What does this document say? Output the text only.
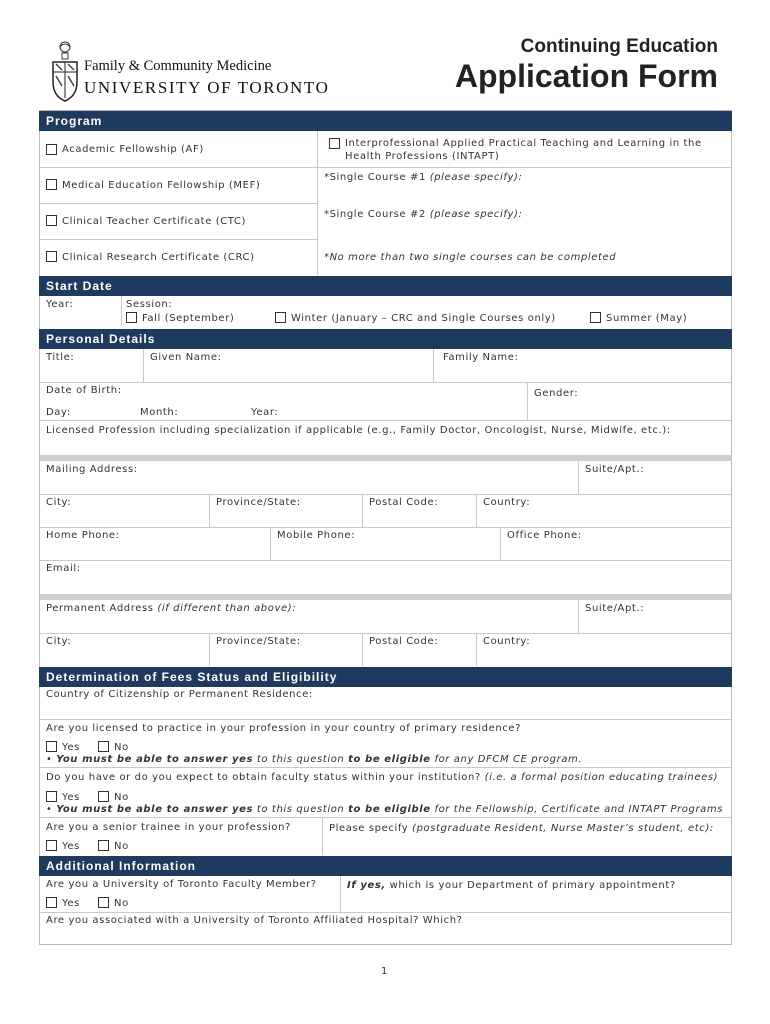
Family & Community Medicine
UNIVERSITY OF TORONTO
Continuing Education
Application Form
Program
Academic Fellowship (AF)
Medical Education Fellowship (MEF)
Clinical Teacher Certificate (CTC)
Clinical Research Certificate (CRC)
Interprofessional Applied Practical Teaching and Learning in the
Health Professions (INTAPT)
*Single Course #1 (please specify):
*Single Course #2 (please specify):
*No more than two single courses can be completed
Start Date
Year:	Session:
Fall (September)	Winter (January – CRC and Single Courses only)	Summer (May)
Personal Details
Title:	Given Name:	Family Name:
Date of Birth:	Gender:
Day:	Month:	Year:
Licensed Profession including specialization if applicable (e.g., Family Doctor, Oncologist, Nurse, Midwife, etc.):
Mailing Address:	Suite/Apt.:
City:	Province/State:	Postal Code:	Country:
Home Phone:	Mobile Phone:	Office Phone:
Email:
Permanent Address (if different than above):	Suite/Apt.:
City:	Province/State:	Postal Code:	Country:
Determination of Fees Status and Eligibility
Country of Citizenship or Permanent Residence:
Are you licensed to practice in your profession in your country of primary residence?
Yes	No
• You must be able to answer yes to this question to be eligible for any DFCM CE program.
Do you have or do you expect to obtain faculty status within your institution? (i.e. a formal position educating trainees)
Yes	No
• You must be able to answer yes to this question to be eligible for the Fellowship, Certificate and INTAPT Programs
Are you a senior trainee in your profession?
Yes	No
Please specify (postgraduate Resident, Nurse Master’s student, etc):
Additional Information
Are you a University of Toronto Faculty Member?
Yes	No
If yes, which is your Department of primary appointment?
Are you associated with a University of Toronto Affiliated Hospital? Which?
1
